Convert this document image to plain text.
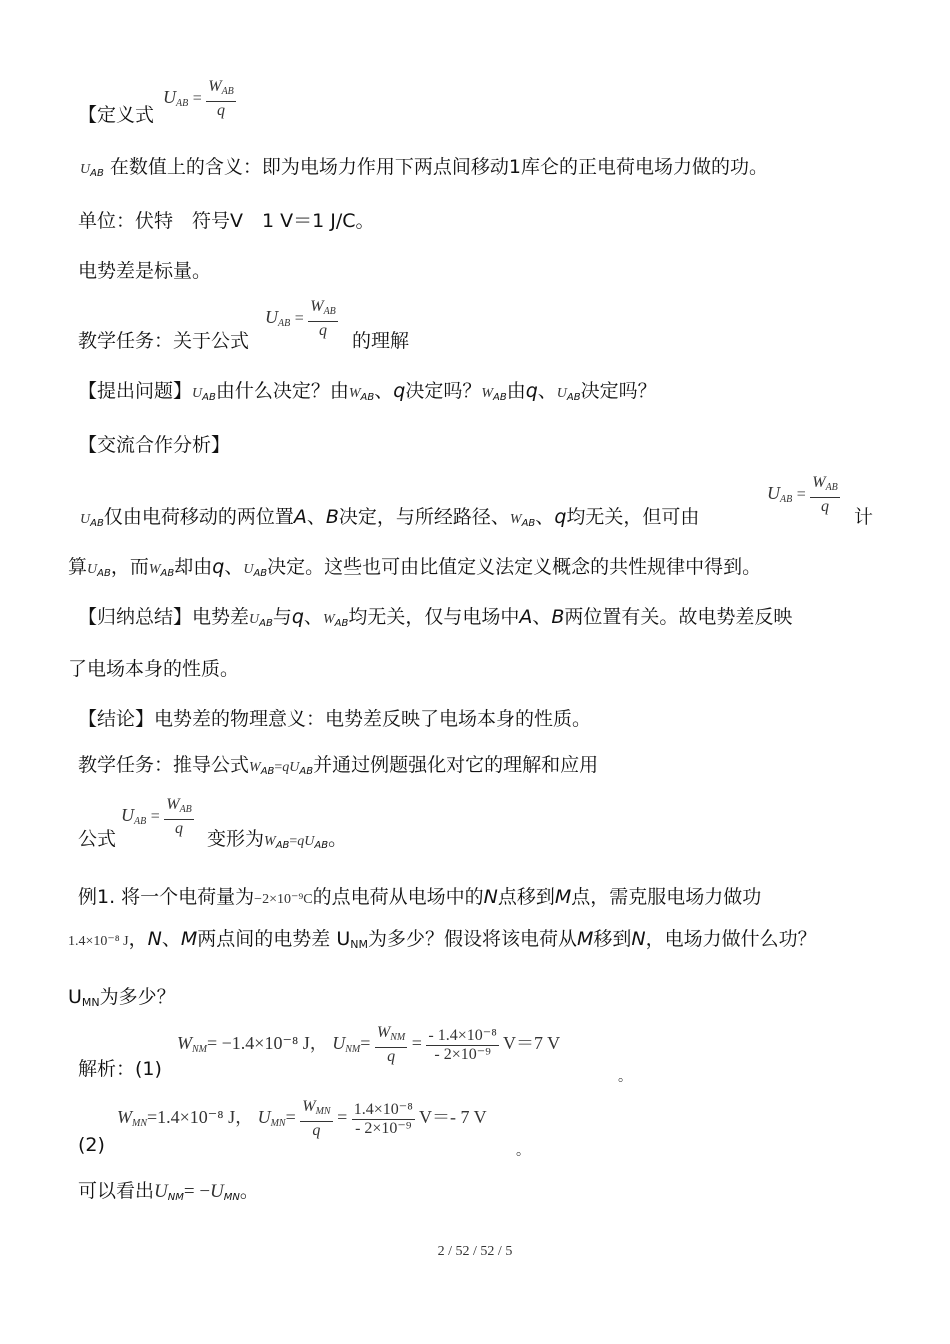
【定义式
$U_{AB} = \frac{W_{AB}}{q}$
$U_{AB}$ 在数值上的含义：即为电场力作用下两点间移动1库仑的正电荷电场力做的功。
单位：伏特　符号V　1 V＝1 J/C。
电势差是标量。
教学任务：关于公式
$U_{AB} = \frac{W_{AB}}{q}$
的理解
【提出问题】$U_{AB}$由什么决定？由$W_{AB}$、q决定吗？$W_{AB}$由q、$U_{AB}$决定吗？
【交流合作分析】
$U_{AB}$仅由电荷移动的两位置A、B决定，与所经路径、$W_{AB}$、q均无关，但可由
$U_{AB} = \frac{W_{AB}}{q}$
计
算$U_{AB}$，而$W_{AB}$却由q、$U_{AB}$决定。这些也可由比值定义法定义概念的共性规律中得到。
【归纳总结】电势差$U_{AB}$与q、$W_{AB}$均无关，仅与电场中A、B两位置有关。故电势差反映
了电场本身的性质。
【结论】电势差的物理意义：电势差反映了电场本身的性质。
教学任务：推导公式$W_{AB}=qU_{AB}$并通过例题强化对它的理解和应用
公式
$U_{AB} = \frac{W_{AB}}{q}$
变形为$W_{AB}=qU_{AB}$。
例1. 将一个电荷量为−2×10⁻⁹C的点电荷从电场中的N点移到M点，需克服电场力做功
1.4×10⁻⁸ J，N、M两点间的电势差 UNM为多少？假设将该电荷从M移到N，电场力做什么功？
UMN为多少？
解析：(1)
$W_{NM}= -1.4\times 10^{-8}$ J， $U_{NM}= \frac{W_{NM}}{q} = \frac{\text{- 1.4×10⁻⁸}}{\text{- 2×10⁻⁹}} V=7$ V
。
(2)
$W_{MN}=1.4\times 10^{-8}$ J， $U_{MN}= \frac{W_{MN}}{q} = \frac{\text{1.4×10⁻⁸}}{\text{- 2×10⁻⁹}} V=-$ 7 V
。
可以看出$U_{NM}= -U_{MN}$。
2 / 52 / 52 / 5
